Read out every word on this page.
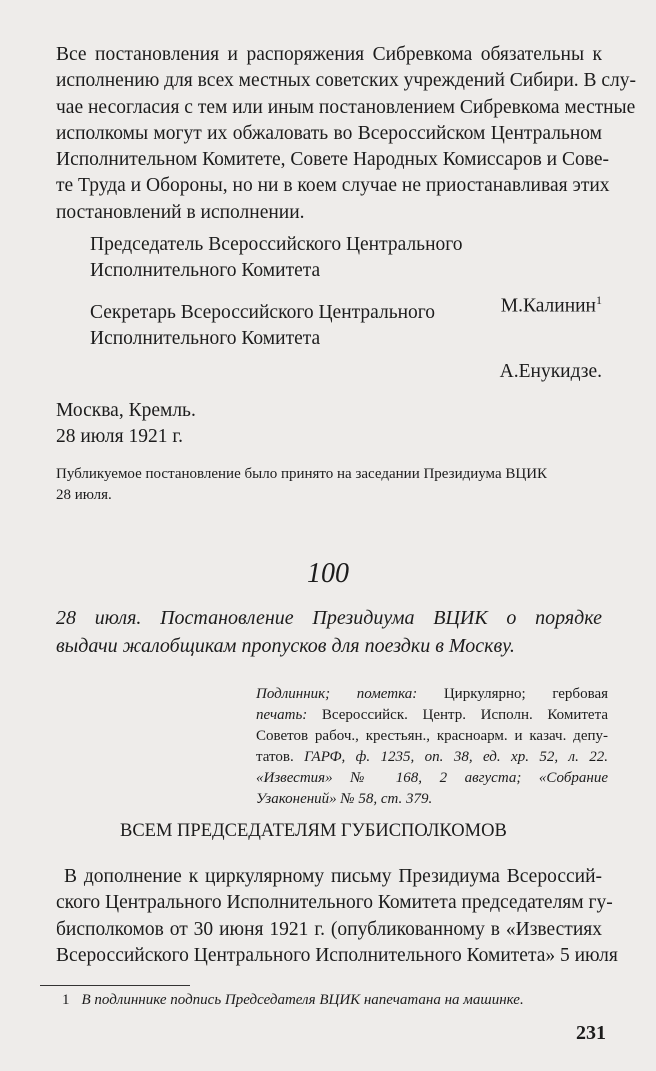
Все постановления и распоряжения Сибревкома обязательны к
исполнению для всех местных советских учреждений Сибири. В слу-
чае несогласия с тем или иным постановлением Сибревкома местные
исполкомы могут их обжаловать во Всероссийском Центральном
Исполнительном Комитете, Совете Народных Комиссаров и Сове-
те Труда и Обороны, но ни в коем случае не приостанавливая этих
постановлений в исполнении.
Председатель Всероссийского Центрального
Исполнительного Комитета
М.Калинин$^1$
Секретарь Всероссийского Центрального
Исполнительного Комитета
А.Енукидзе.
Москва, Кремль.
28 июля 1921 г.
Публикуемое постановление было принято на заседании Президиума ВЦИК
28 июля.
100
28 июля. Постановление Президиума ВЦИК о порядке
выдачи жалобщикам пропусков для поездки в Москву.
Подлинник; пометка: Циркулярно; гербовая
печать: Всероссийск. Центр. Исполн. Комитета
Советов рабоч., крестьян., красноарм. и казач. депу-
татов. ГАРФ, ф. 1235, оп. 38, ед. хр. 52, л. 22.
«Известия» № 168, 2 августа; «Собрание
Узаконений» № 58, ст. 379.
ВСЕМ ПРЕДСЕДАТЕЛЯМ ГУБИСПОЛКОМОВ
В дополнение к циркулярному письму Президиума Всероссий-
ского Центрального Исполнительного Комитета председателям гу-
бисполкомов от 30 июня 1921 г. (опубликованному в «Известиях
Всероссийского Центрального Исполнительного Комитета» 5 июля
1 В подлиннике подпись Председателя ВЦИК напечатана на машинке.
231
